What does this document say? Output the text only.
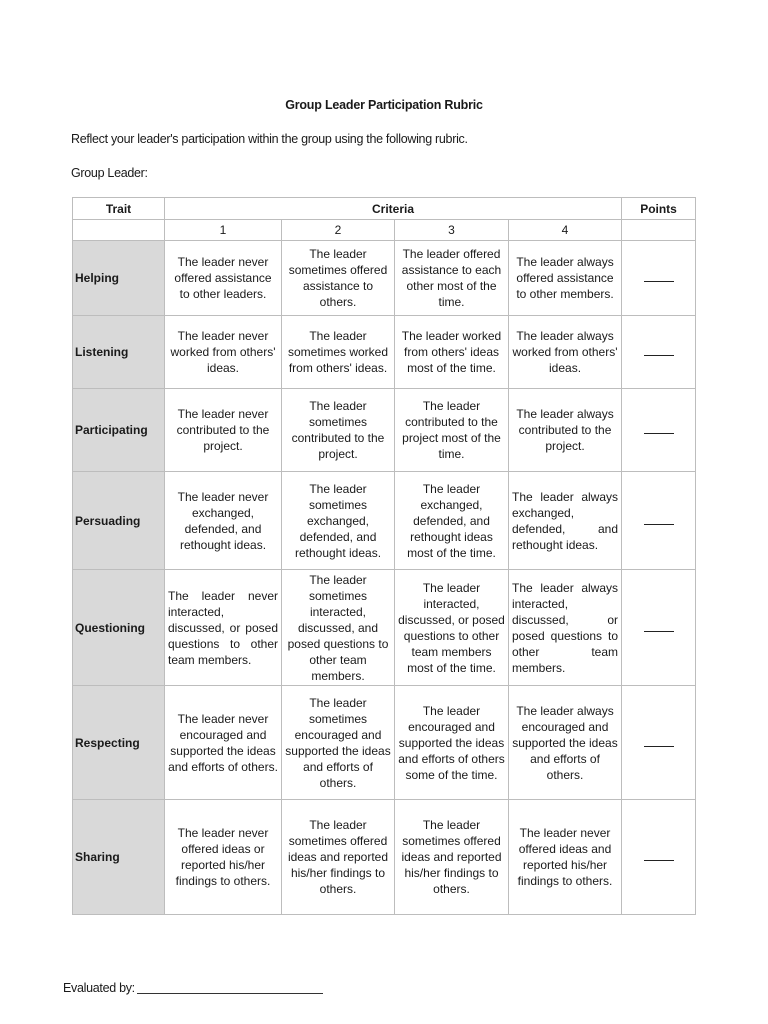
Group Leader Participation Rubric
Reflect your leader's participation within the group using the following rubric.
Group Leader:
Trait	Criteria				Points
	1	2	3	4	
Helping	The leader never offered assistance to other leaders.	The leader sometimes offered assistance to others.	The leader offered assistance to each other most of the time.	The leader always offered assistance to other members.	
Listening	The leader never worked from others' ideas.	The leader sometimes worked from others' ideas.	The leader worked from others' ideas most of the time.	The leader always worked from others' ideas.	
Participating	The leader never contributed to the project.	The leader sometimes contributed to the project.	The leader contributed to the project most of the time.	The leader always contributed to the project.	
Persuading	The leader never exchanged, defended, and rethought ideas.	The leader sometimes exchanged, defended, and rethought ideas.	The leader exchanged, defended, and rethought ideas most of the time.	The leader always exchanged, defended, and rethought ideas.	
Questioning	The leader never interacted, discussed, or posed questions to other team members.	The leader sometimes interacted, discussed, and posed questions to other team members.	The leader interacted, discussed, or posed questions to other team members most of the time.	The leader always interacted, discussed, or posed questions to other team members.	
Respecting	The leader never encouraged and supported the ideas and efforts of others.	The leader sometimes encouraged and supported the ideas and efforts of others.	The leader encouraged and supported the ideas and efforts of others some of the time.	The leader always encouraged and supported the ideas and efforts of others.	
Sharing	The leader never offered ideas or reported his/her findings to others.	The leader sometimes offered ideas and reported his/her findings to others.	The leader sometimes offered ideas and reported his/her findings to others.	The leader never offered ideas and reported his/her findings to others.	
Evaluated by:
